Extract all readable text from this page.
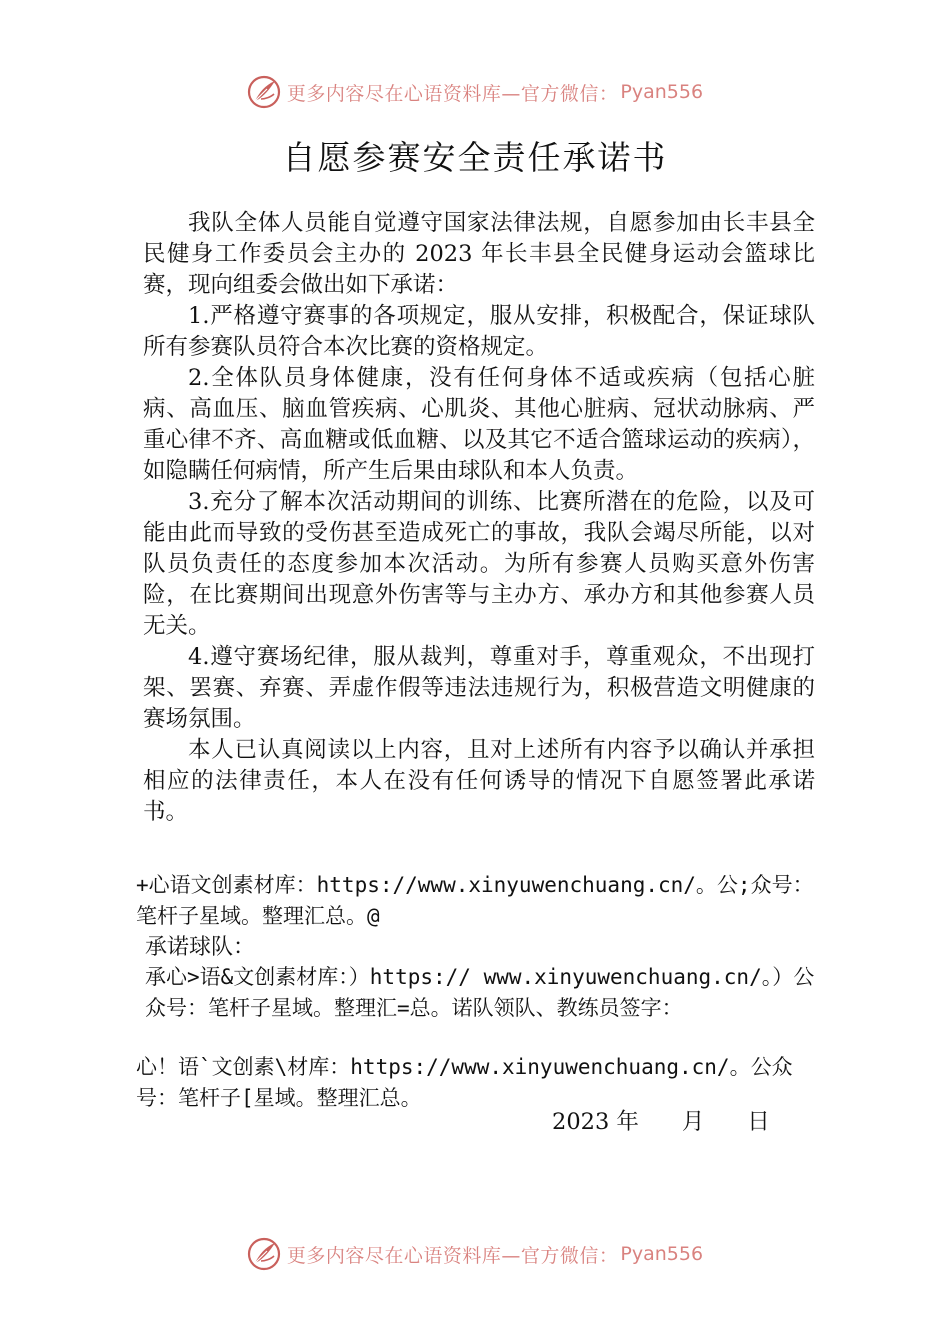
更多内容尽在心语资料库—官方微信： Pyan556
自愿参赛安全责任承诺书

我队全体人员能自觉遵守国家法律法规，自愿参加由长丰县全民健身工作委员会主办的 2023 年长丰县全民健身运动会篮球比赛，现向组委会做出如下承诺：

1.严格遵守赛事的各项规定，服从安排，积极配合，保证球队所有参赛队员符合本次比赛的资格规定。

2.全体队员身体健康，没有任何身体不适或疾病（包括心脏病、高血压、脑血管疾病、心肌炎、其他心脏病、冠状动脉病、严重心律不齐、高血糖或低血糖、以及其它不适合篮球运动的疾病），如隐瞒任何病情，所产生后果由球队和本人负责。

3.充分了解本次活动期间的训练、比赛所潜在的危险，以及可能由此而导致的受伤甚至造成死亡的事故，我队会竭尽所能，以对队员负责任的态度参加本次活动。为所有参赛人员购买意外伤害险，在比赛期间出现意外伤害等与主办方、承办方和其他参赛人员无关。

4.遵守赛场纪律，服从裁判，尊重对手，尊重观众，不出现打架、罢赛、弃赛、弄虚作假等违法违规行为，积极营造文明健康的赛场氛围。

本人已认真阅读以上内容，且对上述所有内容予以确认并承担相应的法律责任，本人在没有任何诱导的情况下自愿签署此承诺书。

+心语文创素材库：https://www.xinyuwenchuang.cn/。公;众号：笔杆子星域。整理汇总。@
承诺球队：
承心>语&文创素材库：）https:// www.xinyuwenchuang.cn/。）公众号：笔杆子星域。整理汇=总。诺队领队、教练员签字：
心！语`文创素\材库：https://www.xinyuwenchuang.cn/。公众号：笔杆子[星域。整理汇总。
2023 年      月      日
更多内容尽在心语资料库—官方微信： Pyan556
